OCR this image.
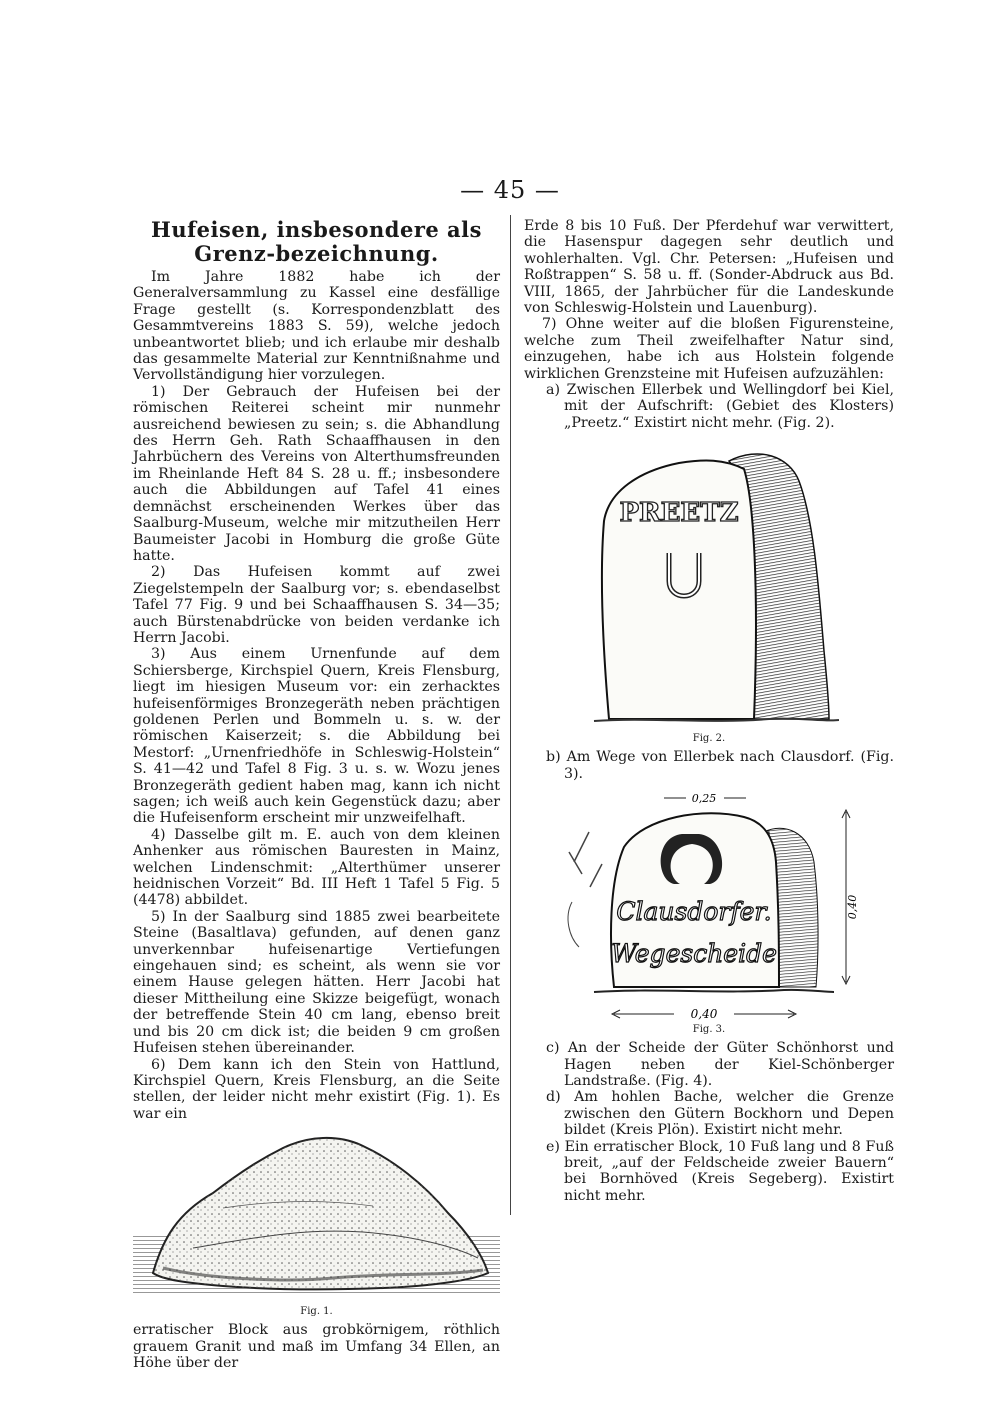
— 45 —
Hufeisen, insbesondere als Grenz-bezeichnung.

Im Jahre 1882 habe ich der Generalversammlung zu Kassel eine desfällige Frage gestellt (s. Korrespondenzblatt des Gesammtvereins 1883 S. 59), welche jedoch unbeantwortet blieb; und ich erlaube mir deshalb das gesammelte Material zur Kenntnißnahme und Vervollständigung hier vorzulegen.

1) Der Gebrauch der Hufeisen bei der römischen Reiterei scheint mir nunmehr ausreichend bewiesen zu sein; s. die Abhandlung des Herrn Geh. Rath Schaaffhausen in den Jahrbüchern des Vereins von Alterthumsfreunden im Rheinlande Heft 84 S. 28 u. ff.; insbesondere auch die Abbildungen auf Tafel 41 eines demnächst erscheinenden Werkes über das Saalburg-Museum, welche mir mitzutheilen Herr Baumeister Jacobi in Homburg die große Güte hatte.

2) Das Hufeisen kommt auf zwei Ziegelstempeln der Saalburg vor; s. ebendaselbst Tafel 77 Fig. 9 und bei Schaaffhausen S. 34—35; auch Bürstenabdrücke von beiden verdanke ich Herrn Jacobi.

3) Aus einem Urnenfunde auf dem Schiersberge, Kirchspiel Quern, Kreis Flensburg, liegt im hiesigen Museum vor: ein zerhacktes hufeisenförmiges Bronzegeräth neben prächtigen goldenen Perlen und Bommeln u. s. w. der römischen Kaiserzeit; s. die Abbildung bei Mestorf: „Urnenfriedhöfe in Schleswig-Holstein“ S. 41—42 und Tafel 8 Fig. 3 u. s. w. Wozu jenes Bronzegeräth gedient haben mag, kann ich nicht sagen; ich weiß auch kein Gegenstück dazu; aber die Hufeisenform erscheint mir unzweifelhaft.

4) Dasselbe gilt m. E. auch von dem kleinen Anhenker aus römischen Bauresten in Mainz, welchen Lindenschmit: „Alterthümer unserer heidnischen Vorzeit“ Bd. III Heft 1 Tafel 5 Fig. 5 (4478) abbildet.

5) In der Saalburg sind 1885 zwei bearbeitete Steine (Basaltlava) gefunden, auf denen ganz unverkennbar hufeisenartige Vertiefungen eingehauen sind; es scheint, als wenn sie vor einem Hause gelegen hätten. Herr Jacobi hat dieser Mittheilung eine Skizze beigefügt, wonach der betreffende Stein 40 cm lang, ebenso breit und bis 20 cm dick ist; die beiden 9 cm großen Hufeisen stehen übereinander.

6) Dem kann ich den Stein von Hattlund, Kirchspiel Quern, Kreis Flensburg, an die Seite stellen, der leider nicht mehr existirt (Fig. 1). Es war ein

Fig. 1.

erratischer Block aus grobkörnigem, röthlich grauem Granit und maß im Umfang 34 Ellen, an Höhe über der

Erde 8 bis 10 Fuß. Der Pferdehuf war verwittert, die Hasenspur dagegen sehr deutlich und wohlerhalten. Vgl. Chr. Petersen: „Hufeisen und Roßtrappen“ S. 58 u. ff. (Sonder-Abdruck aus Bd. VIII, 1865, der Jahrbücher für die Landeskunde von Schleswig-Holstein und Lauenburg).

7) Ohne weiter auf die bloßen Figurensteine, welche zum Theil zweifelhafter Natur sind, einzugehen, habe ich aus Holstein folgende wirklichen Grenzsteine mit Hufeisen aufzuzählen:

a) Zwischen Ellerbek und Wellingdorf bei Kiel, mit der Aufschrift: (Gebiet des Klosters) „Preetz.“ Existirt nicht mehr. (Fig. 2).

PREETZ
Fig. 2.

b) Am Wege von Ellerbek nach Clausdorf. (Fig. 3).

0,25
Clausdorfer.
Wegescheide
0,40
0,40
Fig. 3.

c) An der Scheide der Güter Schönhorst und Hagen neben der Kiel-Schönberger Landstraße. (Fig. 4).

d) Am hohlen Bache, welcher die Grenze zwischen den Gütern Bockhorn und Depen bildet (Kreis Plön). Existirt nicht mehr.

e) Ein erratischer Block, 10 Fuß lang und 8 Fuß breit, „auf der Feldscheide zweier Bauern“ bei Bornhöved (Kreis Segeberg). Existirt nicht mehr.
